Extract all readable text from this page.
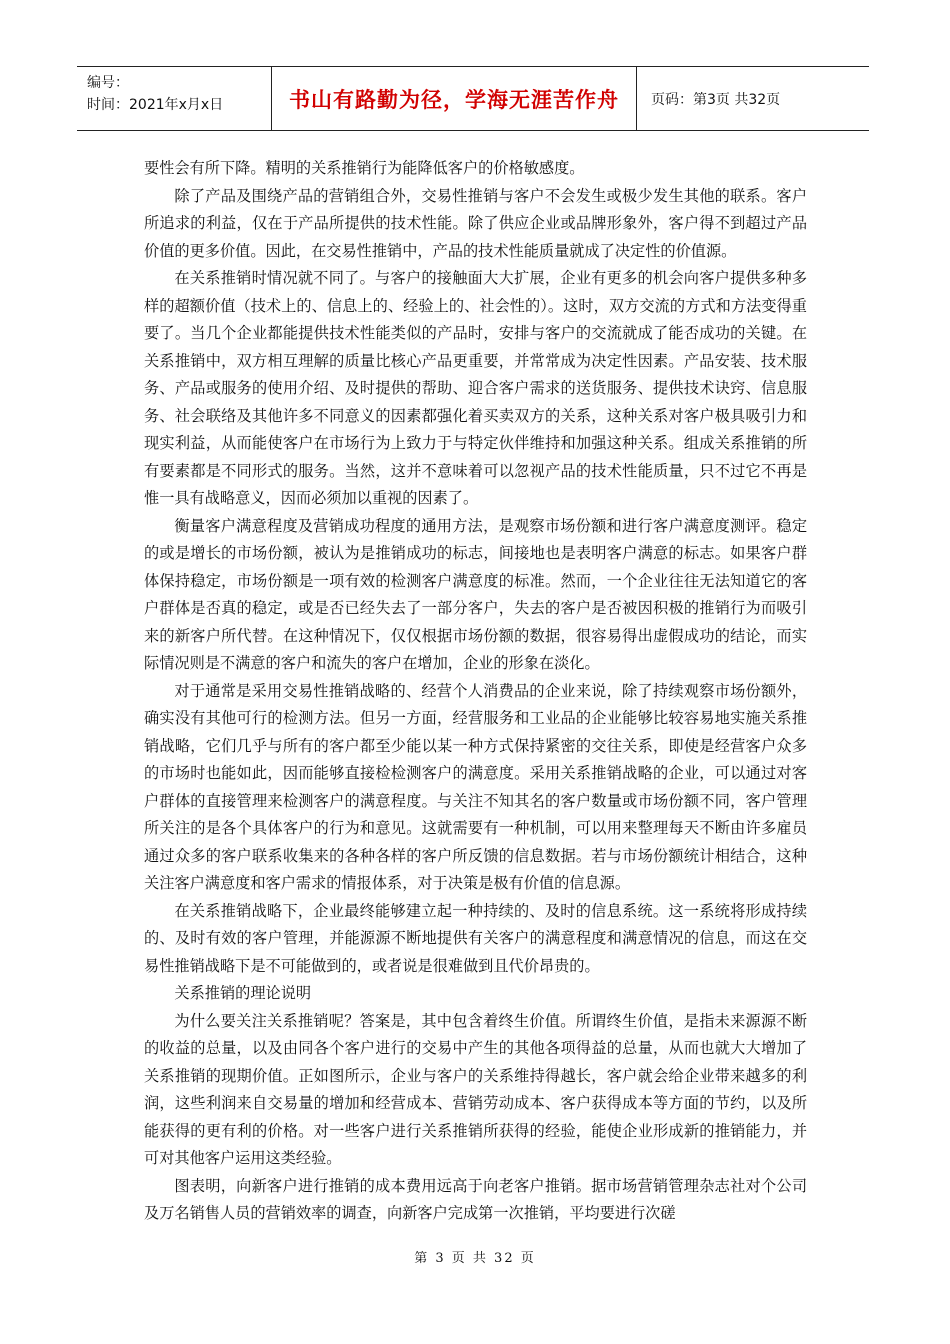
编号：
时间：2021年x月x日	书山有路勤为径，学海无涯苦作舟 页码：第3页 共32页

要性会有所下降。精明的关系推销行为能降低客户的价格敏感度。

除了产品及围绕产品的营销组合外，交易性推销与客户不会发生或极少发生其他的联系。客户所追求的利益，仅在于产品所提供的技术性能。除了供应企业或品牌形象外，客户得不到超过产品价值的更多价值。因此，在交易性推销中，产品的技术性能质量就成了决定性的价值源。

在关系推销时情况就不同了。与客户的接触面大大扩展，企业有更多的机会向客户提供多种多样的超额价值（技术上的、信息上的、经验上的、社会性的）。这时，双方交流的方式和方法变得重要了。当几个企业都能提供技术性能类似的产品时，安排与客户的交流就成了能否成功的关键。在关系推销中，双方相互理解的质量比核心产品更重要，并常常成为决定性因素。产品安装、技术服务、产品或服务的使用介绍、及时提供的帮助、迎合客户需求的送货服务、提供技术诀窍、信息服务、社会联络及其他许多不同意义的因素都强化着买卖双方的关系，这种关系对客户极具吸引力和现实利益，从而能使客户在市场行为上致力于与特定伙伴维持和加强这种关系。组成关系推销的所有要素都是不同形式的服务。当然，这并不意味着可以忽视产品的技术性能质量，只不过它不再是惟一具有战略意义，因而必须加以重视的因素了。

衡量客户满意程度及营销成功程度的通用方法，是观察市场份额和进行客户满意度测评。稳定的或是增长的市场份额，被认为是推销成功的标志，间接地也是表明客户满意的标志。如果客户群体保持稳定，市场份额是一项有效的检测客户满意度的标准。然而，一个企业往往无法知道它的客户群体是否真的稳定，或是否已经失去了一部分客户，失去的客户是否被因积极的推销行为而吸引来的新客户所代替。在这种情况下，仅仅根据市场份额的数据，很容易得出虚假成功的结论，而实际情况则是不满意的客户和流失的客户在增加，企业的形象在淡化。

对于通常是采用交易性推销战略的、经营个人消费品的企业来说，除了持续观察市场份额外，确实没有其他可行的检测方法。但另一方面，经营服务和工业品的企业能够比较容易地实施关系推销战略，它们几乎与所有的客户都至少能以某一种方式保持紧密的交往关系，即使是经营客户众多的市场时也能如此，因而能够直接检检测客户的满意度。采用关系推销战略的企业，可以通过对客户群体的直接管理来检测客户的满意程度。与关注不知其名的客户数量或市场份额不同，客户管理所关注的是各个具体客户的行为和意见。这就需要有一种机制，可以用来整理每天不断由许多雇员通过众多的客户联系收集来的各种各样的客户所反馈的信息数据。若与市场份额统计相结合，这种关注客户满意度和客户需求的情报体系，对于决策是极有价值的信息源。

在关系推销战略下，企业最终能够建立起一种持续的、及时的信息系统。这一系统将形成持续的、及时有效的客户管理，并能源源不断地提供有关客户的满意程度和满意情况的信息，而这在交易性推销战略下是不可能做到的，或者说是很难做到且代价昂贵的。

关系推销的理论说明

为什么要关注关系推销呢？答案是，其中包含着终生价值。所谓终生价值，是指未来源源不断的收益的总量，以及由同各个客户进行的交易中产生的其他各项得益的总量，从而也就大大增加了关系推销的现期价值。正如图所示，企业与客户的关系维持得越长，客户就会给企业带来越多的利润，这些利润来自交易量的增加和经营成本、营销劳动成本、客户获得成本等方面的节约，以及所能获得的更有利的价格。对一些客户进行关系推销所获得的经验，能使企业形成新的推销能力，并可对其他客户运用这类经验。

图表明，向新客户进行推销的成本费用远高于向老客户推销。据市场营销管理杂志社对个公司及万名销售人员的营销效率的调查，向新客户完成第一次推销，平均要进行次磋

第 3 页 共 32 页
